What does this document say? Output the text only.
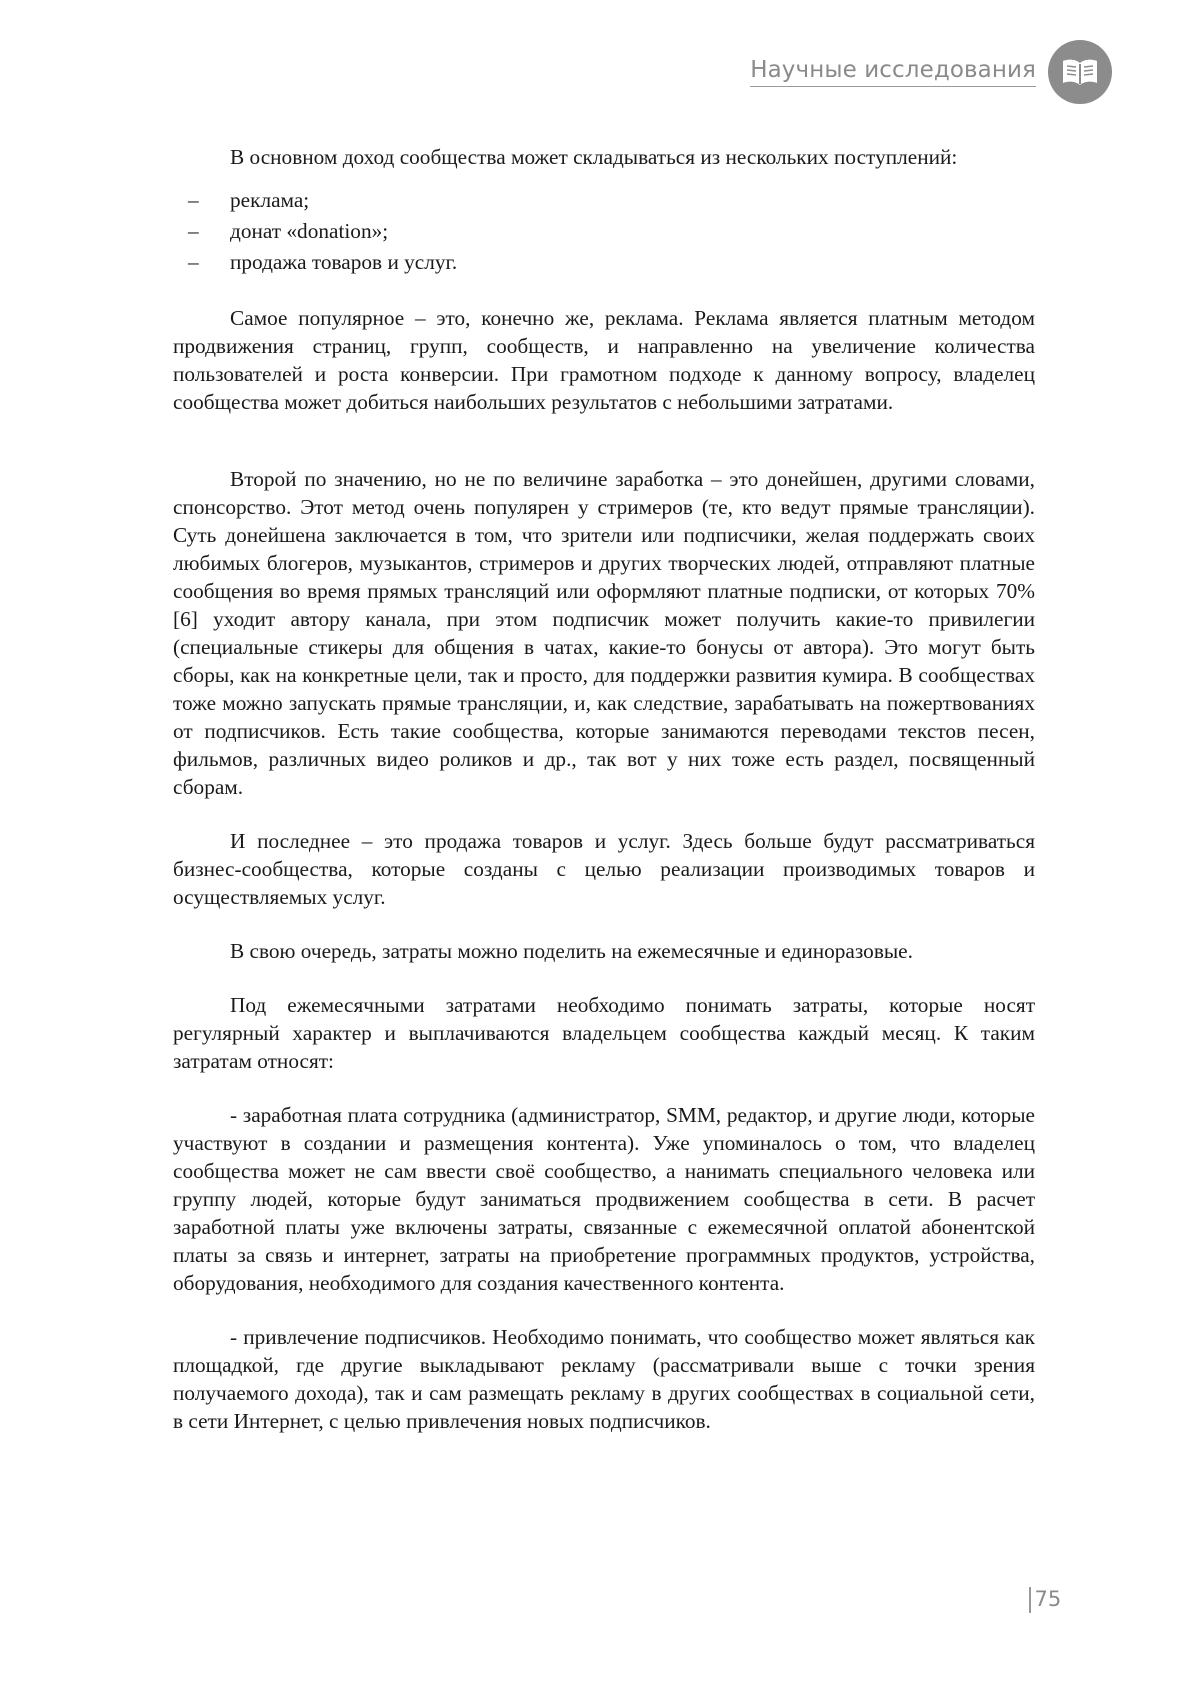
Научные исследования

В основном доход сообщества может складываться из нескольких поступлений:

– реклама;
– донат «donation»;
– продажа товаров и услуг.

Самое популярное – это, конечно же, реклама. Реклама является платным методом продвижения страниц, групп, сообществ, и направленно на увеличение количества пользователей и роста конверсии. При грамотном подходе к данному вопросу, владелец сообщества может добиться наибольших результатов с небольшими затратами.

Второй по значению, но не по величине заработка – это донейшен, другими словами, спонсорство. Этот метод очень популярен у стримеров (те, кто ведут прямые трансляции). Суть донейшена заключается в том, что зрители или подписчики, желая поддержать своих любимых блогеров, музыкантов, стримеров и других творческих людей, отправляют платные сообщения во время прямых трансляций или оформляют платные подписки, от которых 70% [6] уходит автору канала, при этом подписчик может получить какие-то привилегии (специальные стикеры для общения в чатах, какие-то бонусы от автора). Это могут быть сборы, как на конкретные цели, так и просто, для поддержки развития кумира. В сообществах тоже можно запускать прямые трансляции, и, как следствие, зарабатывать на пожертвованиях от подписчиков. Есть такие сообщества, которые занимаются переводами текстов песен, фильмов, различных видео роликов и др., так вот у них тоже есть раздел, посвященный сборам.

И последнее – это продажа товаров и услуг. Здесь больше будут рассматриваться бизнес-сообщества, которые созданы с целью реализации производимых товаров и осуществляемых услуг.

В свою очередь, затраты можно поделить на ежемесячные и единоразовые.

Под ежемесячными затратами необходимо понимать затраты, которые носят регулярный характер и выплачиваются владельцем сообщества каждый месяц. К таким затратам относят:

- заработная плата сотрудника (администратор, SMM, редактор, и другие люди, которые участвуют в создании и размещения контента). Уже упоминалось о том, что владелец сообщества может не сам ввести своё сообщество, а нанимать специального человека или группу людей, которые будут заниматься продвижением сообщества в сети. В расчет заработной платы уже включены затраты, связанные с ежемесячной оплатой абонентской платы за связь и интернет, затраты на приобретение программных продуктов, устройства, оборудования, необходимого для создания качественного контента.

- привлечение подписчиков. Необходимо понимать, что сообщество может являться как площадкой, где другие выкладывают рекламу (рассматривали выше с точки зрения получаемого дохода), так и сам размещать рекламу в других сообществах в социальной сети, в сети Интернет, с целью привлечения новых подписчиков.

75
